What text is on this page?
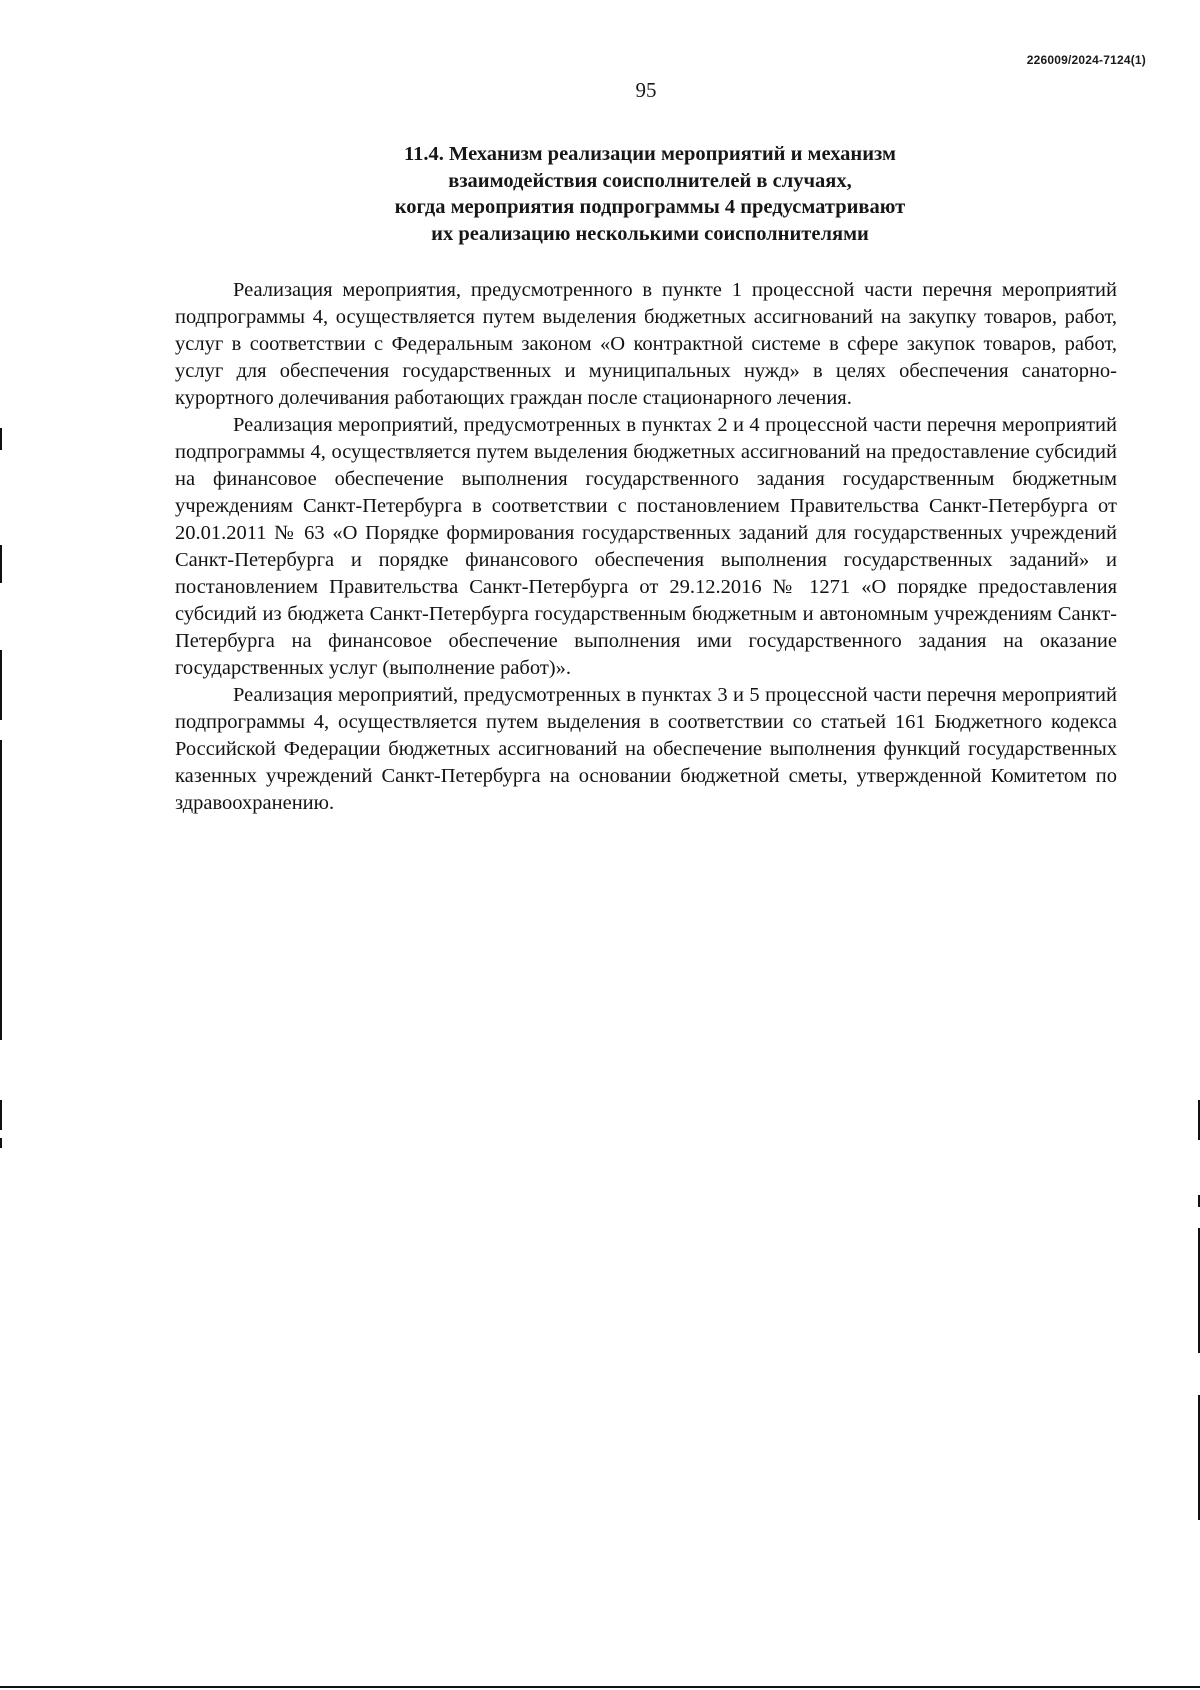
226009/2024-7124(1)
95
11.4. Механизм реализации мероприятий и механизм
взаимодействия соисполнителей в случаях,
когда мероприятия подпрограммы 4 предусматривают
их реализацию несколькими соисполнителями

Реализация мероприятия, предусмотренного в пункте 1 процессной части перечня мероприятий подпрограммы 4, осуществляется путем выделения бюджетных ассигнований на закупку товаров, работ, услуг в соответствии с Федеральным законом «О контрактной системе в сфере закупок товаров, работ, услуг для обеспечения государственных и муниципальных нужд» в целях обеспечения санаторно-курортного долечивания работающих граждан после стационарного лечения.

Реализация мероприятий, предусмотренных в пунктах 2 и 4 процессной части перечня мероприятий подпрограммы 4, осуществляется путем выделения бюджетных ассигнований на предоставление субсидий на финансовое обеспечение выполнения государственного задания государственным бюджетным учреждениям Санкт-Петербурга в соответствии с постановлением Правительства Санкт-Петербурга от 20.01.2011 № 63 «О Порядке формирования государственных заданий для государственных учреждений Санкт-Петербурга и порядке финансового обеспечения выполнения государственных заданий» и постановлением Правительства Санкт-Петербурга от 29.12.2016 № 1271 «О порядке предоставления субсидий из бюджета Санкт-Петербурга государственным бюджетным и автономным учреждениям Санкт-Петербурга на финансовое обеспечение выполнения ими государственного задания на оказание государственных услуг (выполнение работ)».

Реализация мероприятий, предусмотренных в пунктах 3 и 5 процессной части перечня мероприятий подпрограммы 4, осуществляется путем выделения в соответствии со статьей 161 Бюджетного кодекса Российской Федерации бюджетных ассигнований на обеспечение выполнения функций государственных казенных учреждений Санкт-Петербурга на основании бюджетной сметы, утвержденной Комитетом по здравоохранению.
